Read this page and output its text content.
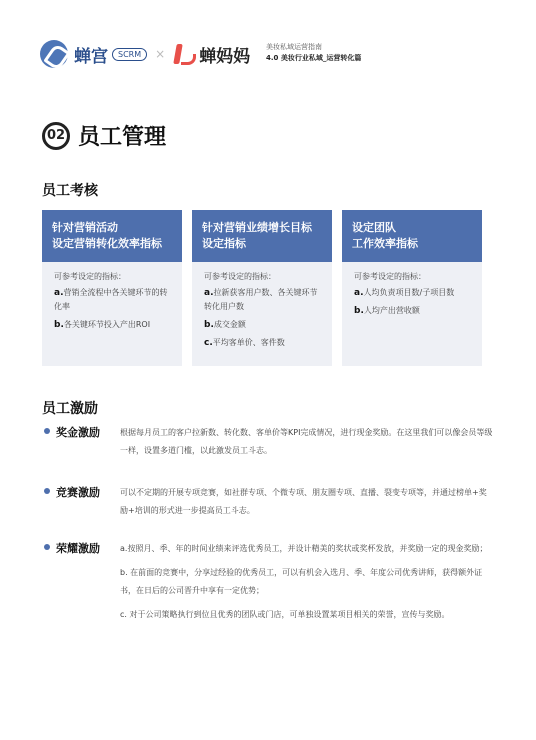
蝉宫	SCRM	× 蝉妈妈 美妆私域运营指南
4.0 美妆行业私域_运营转化篇
02 员工管理
员工考核
针对营销活动
设定营销转化效率指标
可参考设定的指标：
a.营销全流程中各关键环节的转化率
b.各关键环节投入产出ROI
针对营销业绩增长目标
设定指标
可参考设定的指标：
a.拉新获客用户数、各关键环节转化用户数
b.成交金额
c.平均客单价、客件数
设定团队
工作效率指标
可参考设定的指标：
a.人均负责项目数/子项目数
b.人均产出营收额
员工激励
奖金激励	根据每月员工的客户拉新数、转化数、客单价等KPI完成情况，进行现金奖励。在这里我们可以像会员等级一样，设置多道门槛，以此激发员工斗志。

竞赛激励	可以不定期的开展专项竞赛，如社群专项、个微专项、朋友圈专项、直播、裂变专项等，并通过榜单+奖励+培训的形式进一步提高员工斗志。

荣耀激励	a.按照月、季、年的时间业绩来评选优秀员工，并设计精美的奖状或奖杯发放，并奖励一定的现金奖励；

b. 在前面的竞赛中，分享过经验的优秀员工，可以有机会入选月、季、年度公司优秀讲师，获得额外证书，在日后的公司晋升中享有一定优势；

c. 对于公司策略执行到位且优秀的团队或门店，可单独设置某项目相关的荣誉，宣传与奖励。
